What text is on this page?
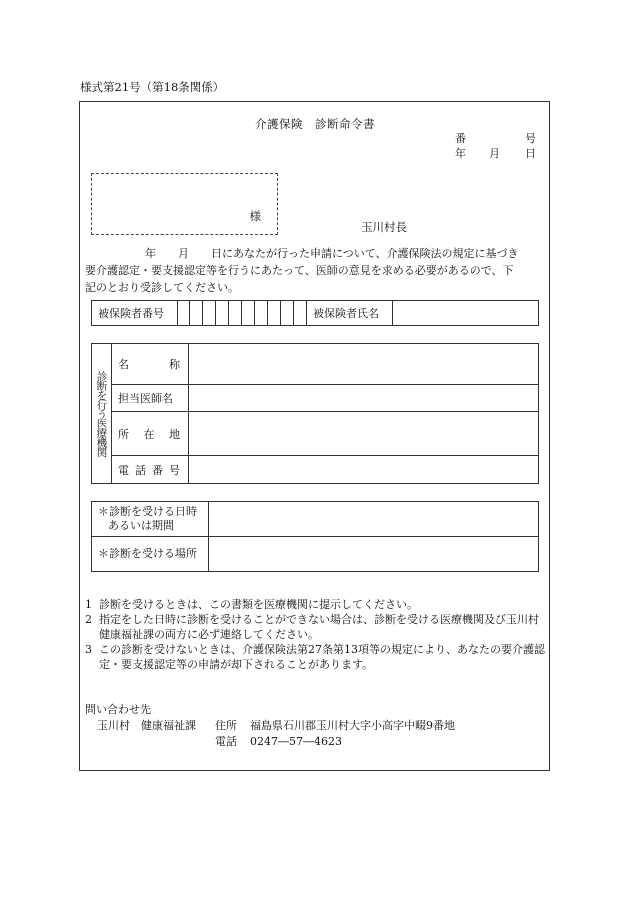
様式第21号（第18条関係）
介護保険　診断命令書
番	号
年 月 日
様
玉川村長

年 月 日にあなたが行った申請について、介護保険法の規定に基づき

要介護認定・要支援認定等を行うにあたって、医師の意見を求める必要があるので、下

記のとおり受診してください。

被保険者番号											被保険者氏名	
診断を行う医療機関	名 称	

	担当医師名	

	所 在 地	

	電 話 番 号	

＊診断を受ける日時
あるいは期間	

＊診断を受ける場所	
1 診断を受けるときは、この書類を医療機関に提示してください。
2 指定をした日時に診断を受けることができない場合は、診断を受ける医療機関及び玉川村健康福祉課の両方に必ず連絡してください。
3 この診断を受けないときは、介護保険法第27条第13項等の規定により、あなたの要介護認定・要支援認定等の申請が却下されることがあります。
問い合わせ先
玉川村　健康福祉課 住所 福島県石川郡玉川村大字小高字中畷9番地
電話 0247―57―4623
